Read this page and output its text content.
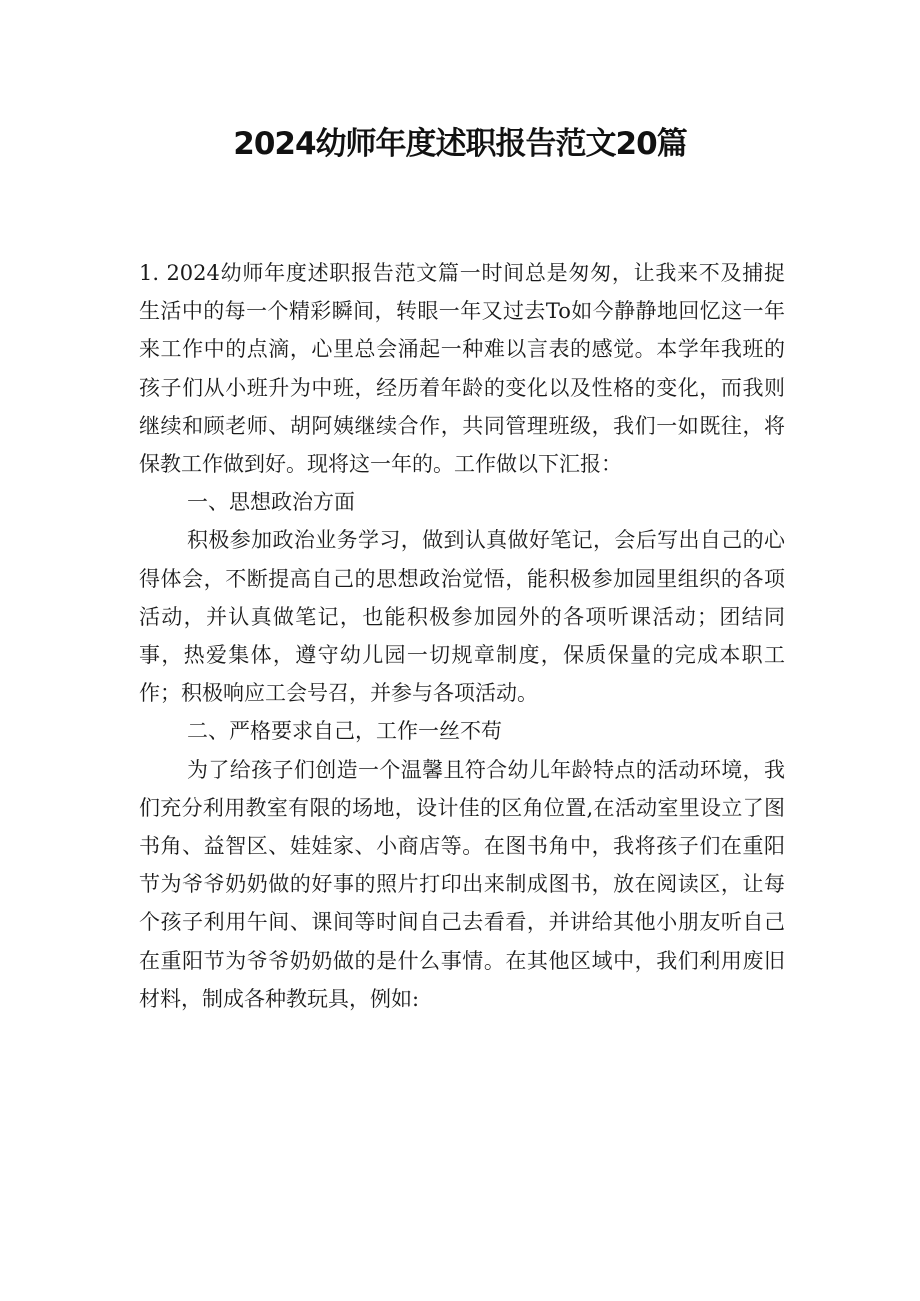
2024幼师年度述职报告范文20篇

1. 2024幼师年度述职报告范文篇一时间总是匆匆，让我来不及捕捉生活中的每一个精彩瞬间，转眼一年又过去To如今静静地回忆这一年来工作中的点滴，心里总会涌起一种难以言表的感觉。本学年我班的孩子们从小班升为中班，经历着年龄的变化以及性格的变化，而我则继续和顾老师、胡阿姨继续合作，共同管理班级，我们一如既往，将保教工作做到好。现将这一年的。工作做以下汇报：

一、思想政治方面

积极参加政治业务学习，做到认真做好笔记，会后写出自己的心得体会，不断提高自己的思想政治觉悟，能积极参加园里组织的各项活动，并认真做笔记，也能积极参加园外的各项听课活动；团结同事，热爱集体，遵守幼儿园一切规章制度，保质保量的完成本职工作；积极响应工会号召，并参与各项活动。

二、严格要求自己，工作一丝不苟

为了给孩子们创造一个温馨且符合幼儿年龄特点的活动环境，我们充分利用教室有限的场地，设计佳的区角位置,在活动室里设立了图书角、益智区、娃娃家、小商店等。在图书角中，我将孩子们在重阳节为爷爷奶奶做的好事的照片打印出来制成图书，放在阅读区，让每个孩子利用午间、课间等时间自己去看看，并讲给其他小朋友听自己在重阳节为爷爷奶奶做的是什么事情。在其他区域中，我们利用废旧材料，制成各种教玩具，例如:
